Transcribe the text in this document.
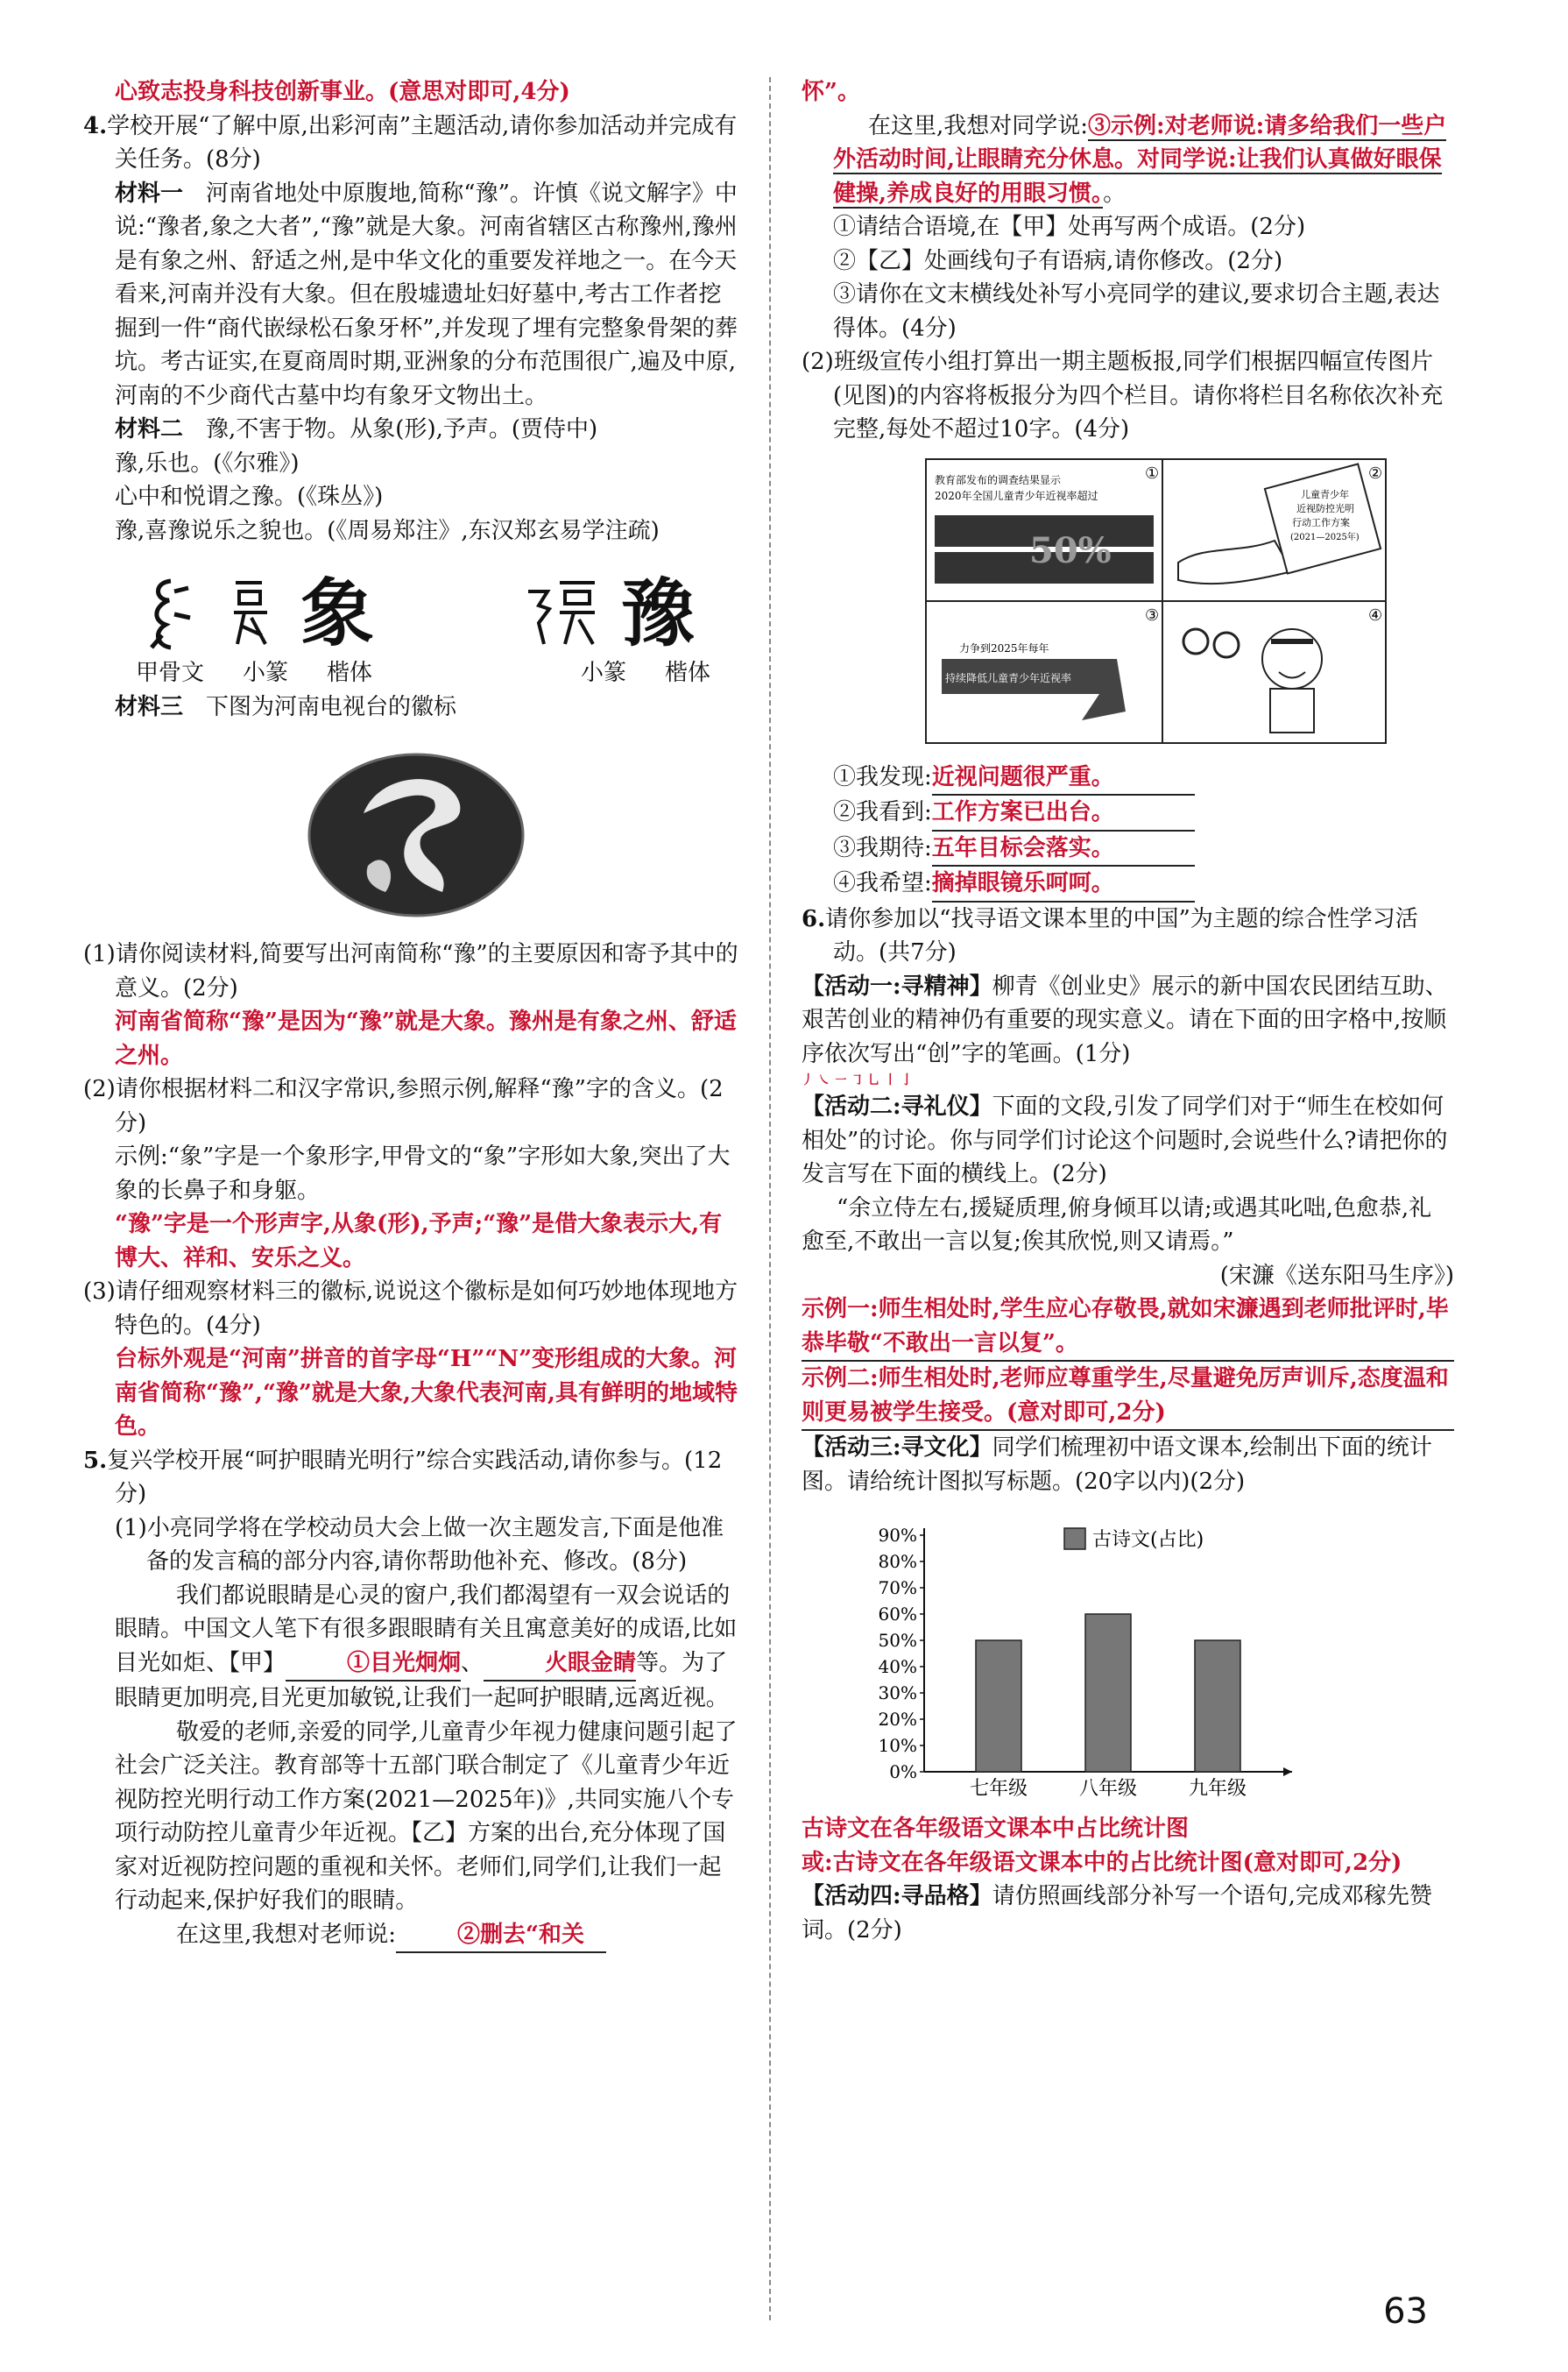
心致志投身科技创新事业。(意思对即可,4分)

4.学校开展“了解中原,出彩河南”主题活动,请你参加活动并完成有关任务。(8分)

材料一　 河南省地处中原腹地,简称“豫”。许慎《说文解字》中说:“豫者,象之大者”,“豫”就是大象。河南省辖区古称豫州,豫州是有象之州、舒适之州,是中华文化的重要发祥地之一。在今天看来,河南并没有大象。但在殷墟遗址妇好墓中,考古工作者挖掘到一件“商代嵌绿松石象牙杯”,并发现了埋有完整象骨架的葬坑。考古证实,在夏商周时期,亚洲象的分布范围很广,遍及中原,河南的不少商代古墓中均有象牙文物出土。

材料二　 豫,不害于物。从象(形),予声。(贾侍中)

豫,乐也。(《尔雅》)

心中和悦谓之豫。(《珠丛》)

豫,喜豫说乐之貌也。(《周易郑注》,东汉郑玄易学注疏)

象	豫

甲骨文	小篆	楷体	小篆	楷体

材料三　 下图为河南电视台的徽标

(1)请你阅读材料,简要写出河南简称“豫”的主要原因和寄予其中的意义。(2分)

河南省简称“豫”是因为“豫”就是大象。豫州是有象之州、舒适之州。

(2)请你根据材料二和汉字常识,参照示例,解释“豫”字的含义。(2分)

示例:“象”字是一个象形字,甲骨文的“象”字形如大象,突出了大象的长鼻子和身躯。

“豫”字是一个形声字,从象(形),予声;“豫”是借大象表示大,有博大、祥和、安乐之义。

(3)请仔细观察材料三的徽标,说说这个徽标是如何巧妙地体现地方特色的。(4分)

台标外观是“河南”拼音的首字母“H”“N”变形组成的大象。河南省简称“豫”,“豫”就是大象,大象代表河南,具有鲜明的地域特色。

5.复兴学校开展“呵护眼睛光明行”综合实践活动,请你参与。(12分)

(1)小亮同学将在学校动员大会上做一次主题发言,下面是他准备的发言稿的部分内容,请你帮助他补充、修改。(8分)

我们都说眼睛是心灵的窗户,我们都渴望有一双会说话的眼睛。中国文人笔下有很多跟眼睛有关且寓意美好的成语,比如目光如炬、【甲】	①目光炯炯、	火眼金睛等。为了眼睛更加明亮,目光更加敏锐,让我们一起呵护眼睛,远离近视。

敬爱的老师,亲爱的同学,儿童青少年视力健康问题引起了社会广泛关注。教育部等十五部门联合制定了《儿童青少年近视防控光明行动工作方案(2021—2025年)》,共同实施八个专项行动防控儿童青少年近视。【乙】方案的出台,充分体现了国家对近视防控问题的重视和关怀。老师们,同学们,让我们一起行动起来,保护好我们的眼睛。

在这里,我想对老师说:	②删去“和关

怀”。

在这里,我想对同学说:③示例:对老师说:请多给我们一些户外活动时间,让眼睛充分休息。对同学说:让我们认真做好眼保健操,养成良好的用眼习惯。。

①请结合语境,在【甲】处再写两个成语。(2分)

②【乙】处画线句子有语病,请你修改。(2分)

③请你在文末横线处补写小亮同学的建议,要求切合主题,表达得体。(4分)

(2)班级宣传小组打算出一期主题板报,同学们根据四幅宣传图片(见图)的内容将板报分为四个栏目。请你将栏目名称依次补充完整,每处不超过10字。(4分)

①	②
③	④
教育部发布的调查结果显示
2020年全国儿童青少年近视率超过
50%
儿童青少年
近视防控光明
行动工作方案
(2021—2025年)
力争到2025年每年
持续降低儿童青少年近视率

①我发现:近视问题很严重。

②我看到:工作方案已出台。

③我期待:五年目标会落实。

④我希望:摘掉眼镜乐呵呵。

6.请你参加以“找寻语文课本里的中国”为主题的综合性学习活动。(共7分)

【活动一:寻精神】柳青《创业史》展示的新中国农民团结互助、艰苦创业的精神仍有重要的现实意义。请在下面的田字格中,按顺序依次写出“创”字的笔画。(1分)

丿 ㇏ ㇐ ㇆ 乚 丨 亅

【活动二:寻礼仪】下面的文段,引发了同学们对于“师生在校如何相处”的讨论。你与同学们讨论这个问题时,会说些什么?请把你的发言写在下面的横线上。(2分)

“余立侍左右,援疑质理,俯身倾耳以请;或遇其叱咄,色愈恭,礼愈至,不敢出一言以复;俟其欣悦,则又请焉。”

(宋濂《送东阳马生序》)

示例一:师生相处时,学生应心存敬畏,就如宋濂遇到老师批评时,毕恭毕敬“不敢出一言以复”。

示例二:师生相处时,老师应尊重学生,尽量避免厉声训斥,态度温和则更易被学生接受。(意对即可,2分)

【活动三:寻文化】同学们梳理初中语文课本,绘制出下面的统计图。请给统计图拟写标题。(20字以内)(2分)

0%
10%
20%
30%
40%
50%
60%
70%
80%
90%
七年级	八年级	九年级
古诗文(占比)

古诗文在各年级语文课本中占比统计图

或:古诗文在各年级语文课本中的占比统计图(意对即可,2分)

【活动四:寻品格】请仿照画线部分补写一个语句,完成邓稼先赞词。(2分)

63
